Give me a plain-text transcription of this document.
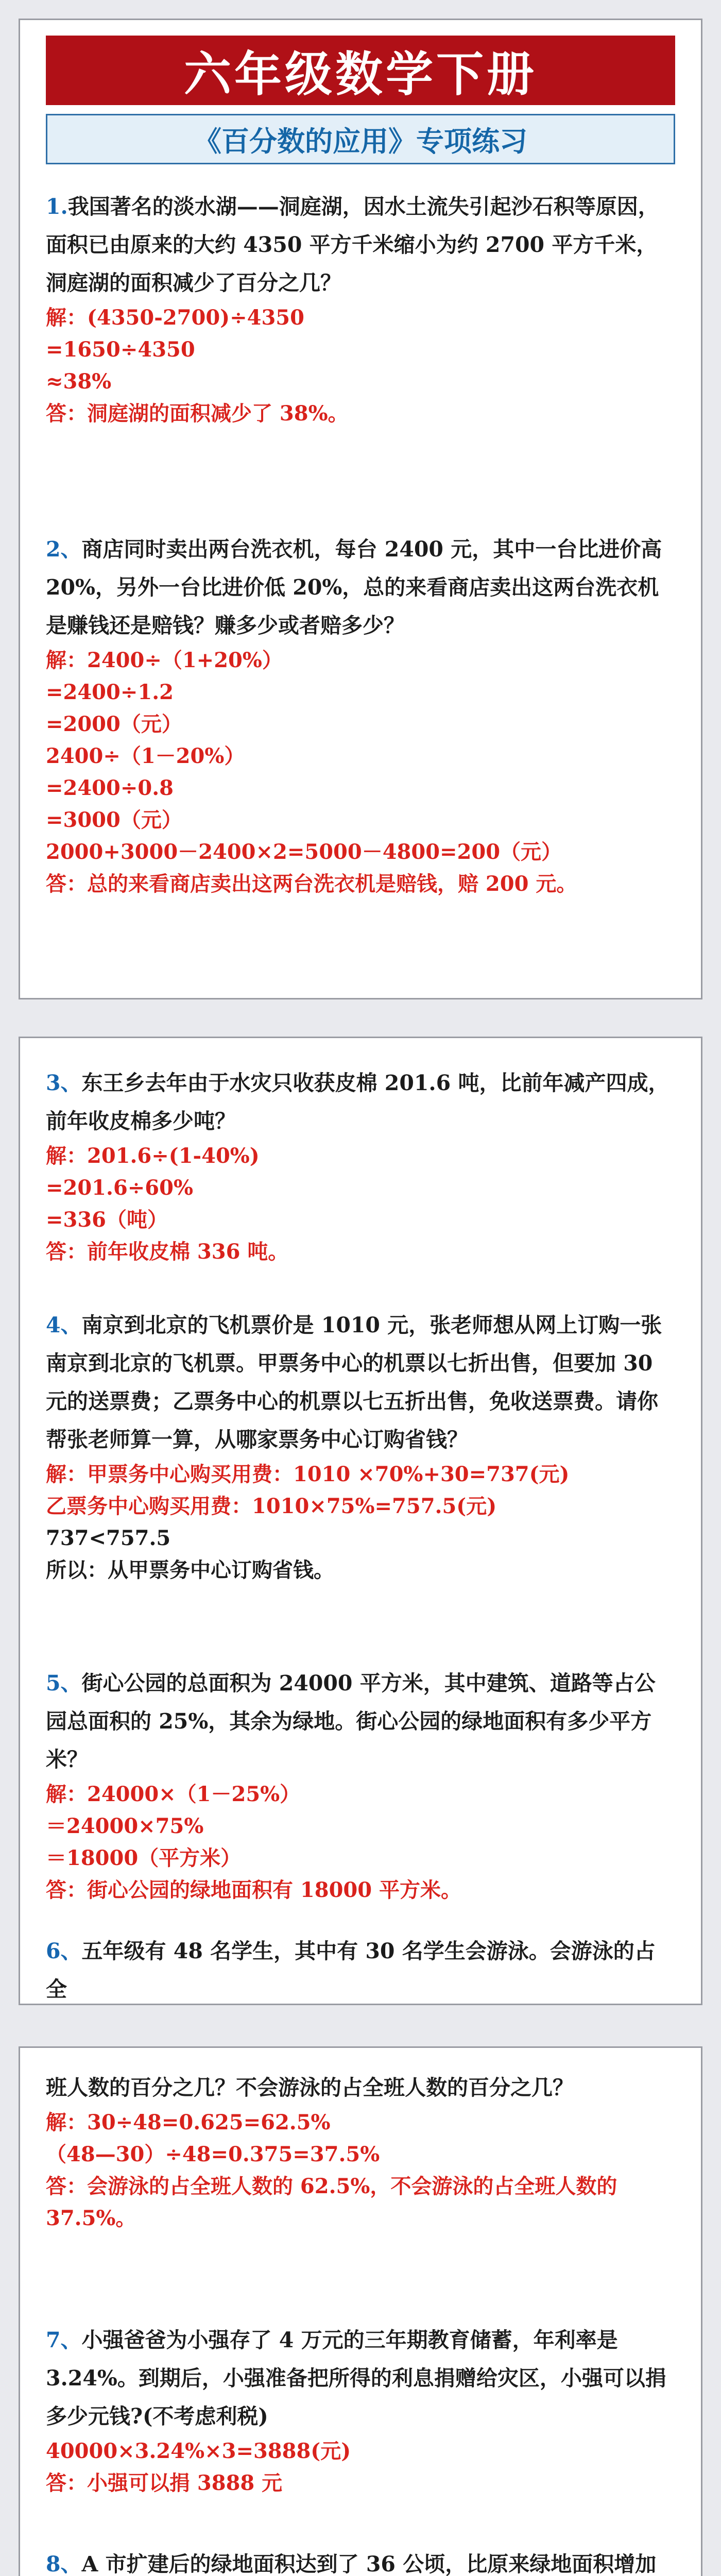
六年级数学下册
《百分数的应用》专项练习

1.我国著名的淡水湖——洞庭湖，因水土流失引起沙石积等原因，面积已由原来的大约 4350 平方千米缩小为约 2700 平方千米，洞庭湖的面积减少了百分之几？

解：(4350-2700)÷4350

=1650÷4350

≈38%

答：洞庭湖的面积减少了 38%。

2、商店同时卖出两台洗衣机，每台 2400 元，其中一台比进价高 20%，另外一台比进价低 20%，总的来看商店卖出这两台洗衣机是赚钱还是赔钱？赚多少或者赔多少？

解：2400÷（1+20%）

=2400÷1.2

=2000（元）

2400÷（1－20%）

=2400÷0.8

=3000（元）

2000+3000－2400×2=5000－4800=200（元）

答：总的来看商店卖出这两台洗衣机是赔钱，赔 200 元。

3、东王乡去年由于水灾只收获皮棉 201.6 吨，比前年减产四成，前年收皮棉多少吨？

解：201.6÷(1-40%)

=201.6÷60%

=336（吨）

答：前年收皮棉 336 吨。

4、南京到北京的飞机票价是 1010 元，张老师想从网上订购一张南京到北京的飞机票。甲票务中心的机票以七折出售，但要加 30 元的送票费；乙票务中心的机票以七五折出售，免收送票费。请你帮张老师算一算，从哪家票务中心订购省钱？

解：甲票务中心购买用费：1010 ×70%+30=737(元)

乙票务中心购买用费：1010×75%=757.5(元)

737<757.5

所以：从甲票务中心订购省钱。

5、街心公园的总面积为 24000 平方米，其中建筑、道路等占公园总面积的 25%，其余为绿地。街心公园的绿地面积有多少平方米？

解：24000×（1－25%）

＝24000×75%

＝18000（平方米）

答：街心公园的绿地面积有 18000 平方米。

6、五年级有 48 名学生，其中有 30 名学生会游泳。会游泳的占全

班人数的百分之几？不会游泳的占全班人数的百分之几？

解：30÷48=0.625=62.5%

（48—30）÷48=0.375=37.5%

答：会游泳的占全班人数的 62.5%，不会游泳的占全班人数的 37.5%。

7、小强爸爸为小强存了 4 万元的三年期教育储蓄，年利率是 3.24%。到期后，小强准备把所得的利息捐赠给灾区，小强可以捐多少元钱?(不考虑利税)

40000×3.24%×3=3888(元)

答：小强可以捐 3888 元

8、A 市扩建后的绿地面积达到了 36 公顷，比原来绿地面积增加
